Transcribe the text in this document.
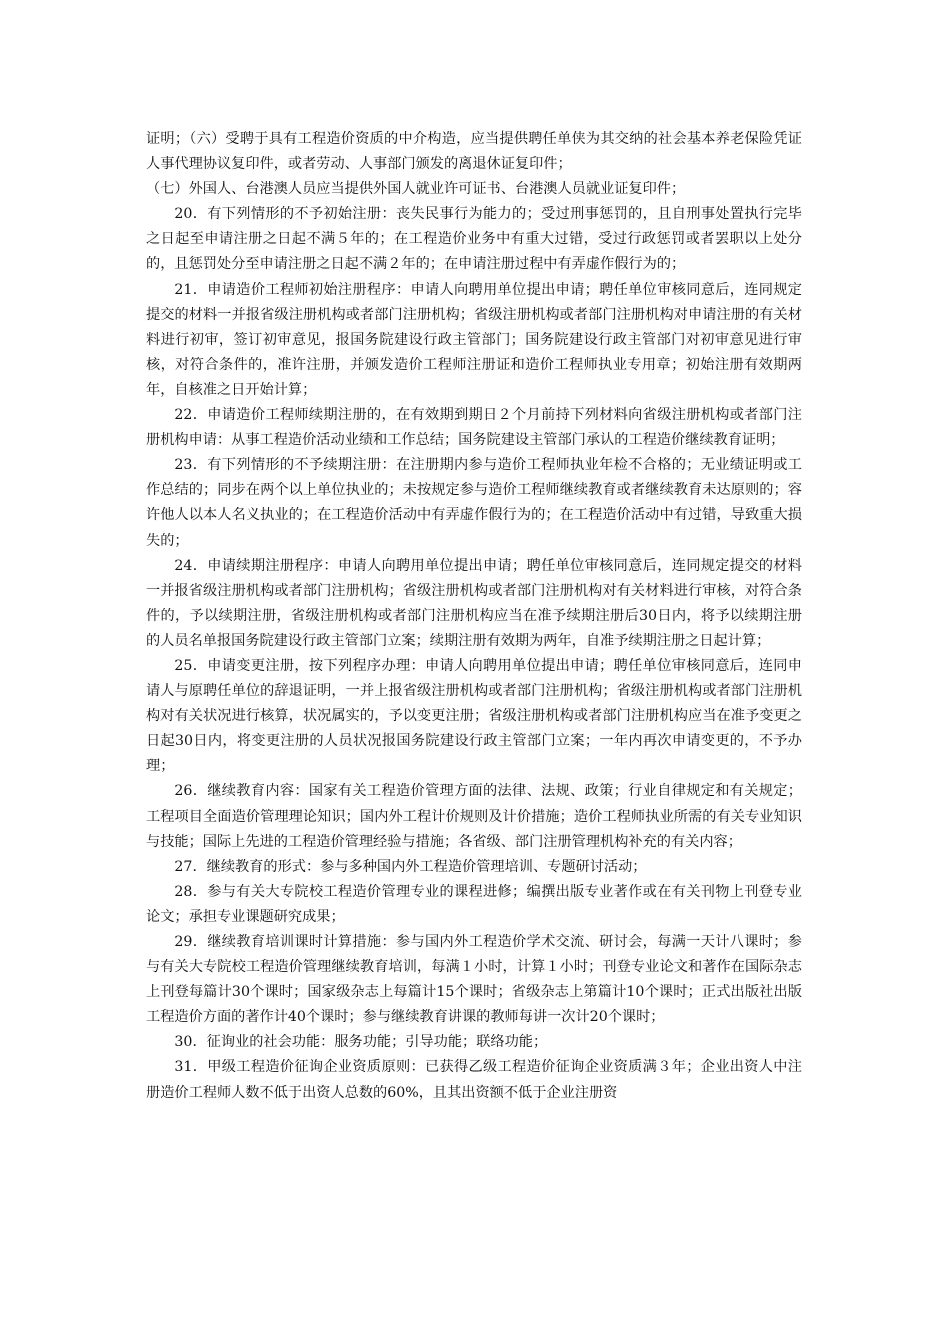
证明；（六）受聘于具有工程造价资质的中介构造，应当提供聘任单侠为其交纳的社会基本养老保险凭证人事代理协议复印件，或者劳动、人事部门颁发的离退休证复印件；

（七）外国人、台港澳人员应当提供外国人就业许可证书、台港澳人员就业证复印件；

20．有下列情形的不予初始注册：丧失民事行为能力的；受过刑事惩罚的，且自刑事处置执行完毕之日起至申请注册之日起不满５年的；在工程造价业务中有重大过错，受过行政惩罚或者罢职以上处分的，且惩罚处分至申请注册之日起不满２年的；在申请注册过程中有弄虚作假行为的；

21．申请造价工程师初始注册程序：申请人向聘用单位提出申请；聘任单位审核同意后，连同规定提交的材料一并报省级注册机构或者部门注册机构；省级注册机构或者部门注册机构对申请注册的有关材料进行初审，签订初审意见，报国务院建设行政主管部门；国务院建设行政主管部门对初审意见进行审核，对符合条件的，准许注册，并颁发造价工程师注册证和造价工程师执业专用章；初始注册有效期两年，自核准之日开始计算；

22．申请造价工程师续期注册的，在有效期到期日２个月前持下列材料向省级注册机构或者部门注册机构申请：从事工程造价活动业绩和工作总结；国务院建设主管部门承认的工程造价继续教育证明；

23．有下列情形的不予续期注册：在注册期内参与造价工程师执业年检不合格的；无业绩证明或工作总结的；同步在两个以上单位执业的；未按规定参与造价工程师继续教育或者继续教育未达原则的；容许他人以本人名义执业的；在工程造价活动中有弄虚作假行为的；在工程造价活动中有过错，导致重大损失的；

24．申请续期注册程序：申请人向聘用单位提出申请；聘任单位审核同意后，连同规定提交的材料一并报省级注册机构或者部门注册机构；省级注册机构或者部门注册机构对有关材料进行审核，对符合条件的，予以续期注册，省级注册机构或者部门注册机构应当在准予续期注册后30日内，将予以续期注册的人员名单报国务院建设行政主管部门立案；续期注册有效期为两年，自准予续期注册之日起计算；

25．申请变更注册，按下列程序办理：申请人向聘用单位提出申请；聘任单位审核同意后，连同申请人与原聘任单位的辞退证明，一并上报省级注册机构或者部门注册机构；省级注册机构或者部门注册机构对有关状况进行核算，状况属实的，予以变更注册；省级注册机构或者部门注册机构应当在准予变更之日起30日内，将变更注册的人员状况报国务院建设行政主管部门立案；一年内再次申请变更的，不予办理；

26．继续教育内容：国家有关工程造价管理方面的法律、法规、政策；行业自律规定和有关规定；工程项目全面造价管理理论知识；国内外工程计价规则及计价措施；造价工程师执业所需的有关专业知识与技能；国际上先进的工程造价管理经验与措施；各省级、部门注册管理机构补充的有关内容；

27．继续教育的形式：参与多种国内外工程造价管理培训、专题研讨活动；

28．参与有关大专院校工程造价管理专业的课程进修；编撰出版专业著作或在有关刊物上刊登专业论文；承担专业课题研究成果；

29．继续教育培训课时计算措施：参与国内外工程造价学术交流、研讨会，每满一天计八课时；参与有关大专院校工程造价管理继续教育培训，每满１小时，计算１小时；刊登专业论文和著作在国际杂志上刊登每篇计30个课时；国家级杂志上每篇计15个课时；省级杂志上第篇计10个课时；正式出版社出版工程造价方面的著作计40个课时；参与继续教育讲课的教师每讲一次计20个课时；

30．征询业的社会功能：服务功能；引导功能；联络功能；

31．甲级工程造价征询企业资质原则：已获得乙级工程造价征询企业资质满３年；企业出资人中注册造价工程师人数不低于出资人总数的60%，且其出资额不低于企业注册资
